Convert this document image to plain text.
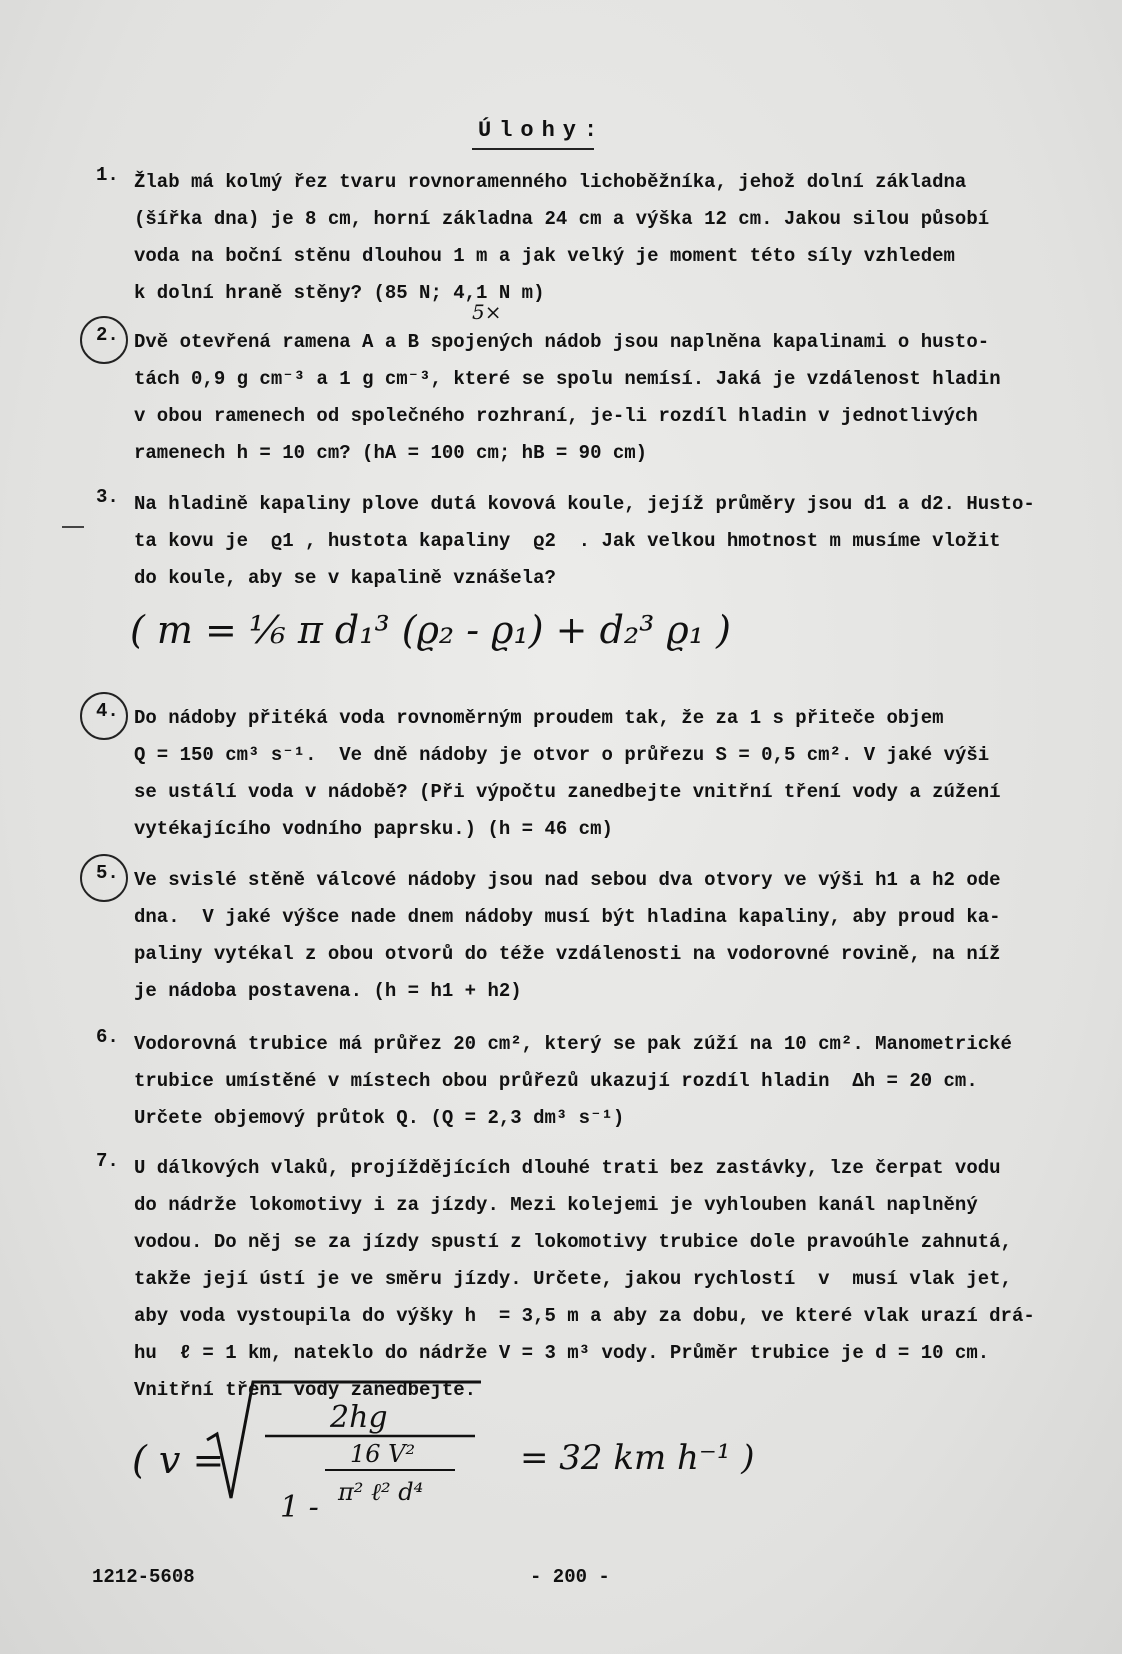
Úlohy:
1. Žlab má kolmý řez tvaru rovnoramenného lichoběžníka, jehož dolní základna
(šířka dna) je 8 cm, horní základna 24 cm a výška 12 cm. Jakou silou působí
voda na boční stěnu dlouhou 1 m a jak velký je moment této síly vzhledem
k dolní hraně stěny? (85 N; 4,1 N m)
2.
5×
Dvě otevřená ramena A a B spojených nádob jsou naplněna kapalinami o husto-
tách 0,9 g cm⁻³ a 1 g cm⁻³, které se spolu nemísí. Jaká je vzdálenost hladin
v obou ramenech od společného rozhraní, je-li rozdíl hladin v jednotlivých
ramenech h = 10 cm? (hA = 100 cm; hB = 90 cm)
3. Na hladině kapaliny plove dutá kovová koule, jejíž průměry jsou d1 a d2. Husto-
ta kovu je  ϱ1 , hustota kapaliny  ϱ2  . Jak velkou hmotnost m musíme vložit
do koule, aby se v kapalině vznášela?
( m = ⅙ π d₁³ (ϱ₂ - ϱ₁) + d₂³ ϱ₁ )
4. Do nádoby přitéká voda rovnoměrným proudem tak, že za 1 s přiteče objem
Q = 150 cm³ s⁻¹.  Ve dně nádoby je otvor o průřezu S = 0,5 cm². V jaké výši
se ustálí voda v nádobě? (Při výpočtu zanedbejte vnitřní tření vody a zúžení
vytékajícího vodního paprsku.) (h = 46 cm)
5. Ve svislé stěně válcové nádoby jsou nad sebou dva otvory ve výši h1 a h2 ode
dna.  V jaké výšce nade dnem nádoby musí být hladina kapaliny, aby proud ka-
paliny vytékal z obou otvorů do téže vzdálenosti na vodorovné rovině, na níž
je nádoba postavena. (h = h1 + h2)
6. Vodorovná trubice má průřez 20 cm², který se pak zúží na 10 cm². Manometrické
trubice umístěné v místech obou průřezů ukazují rozdíl hladin  Δh = 20 cm.
Určete objemový průtok Q. (Q = 2,3 dm³ s⁻¹)
7. U dálkových vlaků, projíždějících dlouhé trati bez zastávky, lze čerpat vodu
do nádrže lokomotivy i za jízdy. Mezi kolejemi je vyhlouben kanál naplněný
vodou. Do něj se za jízdy spustí z lokomotivy trubice dole pravoúhle zahnutá,
takže její ústí je ve směru jízdy. Určete, jakou rychlostí  v  musí vlak jet,
aby voda vystoupila do výšky h  = 3,5 m a aby za dobu, ve které vlak urazí drá-
hu  ℓ = 1 km, nateklo do nádrže V = 3 m³ vody. Průměr trubice je d = 10 cm.
Vnitřní tření vody zanedbejte.
( v =
2hg
1 -
16 V²
π² ℓ² d⁴
= 32 km h⁻¹ )
1212-5608	- 200 -
